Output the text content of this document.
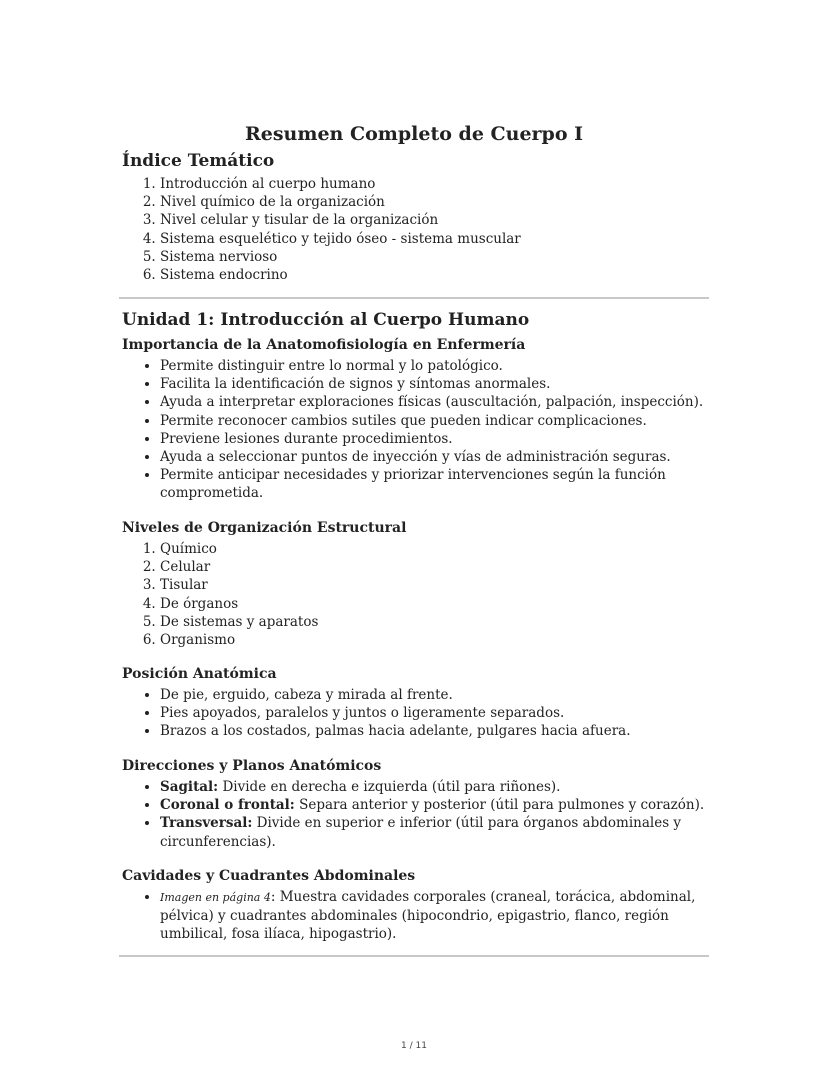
Resumen Completo de Cuerpo I
Índice Temático
1. Introducción al cuerpo humano
2. Nivel químico de la organización
3. Nivel celular y tisular de la organización
4. Sistema esquelético y tejido óseo - sistema muscular
5. Sistema nervioso
6. Sistema endocrino
Unidad 1: Introducción al Cuerpo Humano
Importancia de la Anatomofisiología en Enfermería
• Permite distinguir entre lo normal y lo patológico.
• Facilita la identificación de signos y síntomas anormales.
• Ayuda a interpretar exploraciones físicas (auscultación, palpación, inspección).
• Permite reconocer cambios sutiles que pueden indicar complicaciones.
• Previene lesiones durante procedimientos.
• Ayuda a seleccionar puntos de inyección y vías de administración seguras.
• Permite anticipar necesidades y priorizar intervenciones según la función comprometida.
Niveles de Organización Estructural
1. Químico
2. Celular
3. Tisular
4. De órganos
5. De sistemas y aparatos
6. Organismo
Posición Anatómica
• De pie, erguido, cabeza y mirada al frente.
• Pies apoyados, paralelos y juntos o ligeramente separados.
• Brazos a los costados, palmas hacia adelante, pulgares hacia afuera.
Direcciones y Planos Anatómicos
• Sagital: Divide en derecha e izquierda (útil para riñones).
• Coronal o frontal: Separa anterior y posterior (útil para pulmones y corazón).
• Transversal: Divide en superior e inferior (útil para órganos abdominales y circunferencias).
Cavidades y Cuadrantes Abdominales
• Imagen en página 4: Muestra cavidades corporales (craneal, torácica, abdominal, pélvica) y cuadrantes abdominales (hipocondrio, epigastrio, flanco, región umbilical, fosa ilíaca, hipogastrio).
1 / 11
